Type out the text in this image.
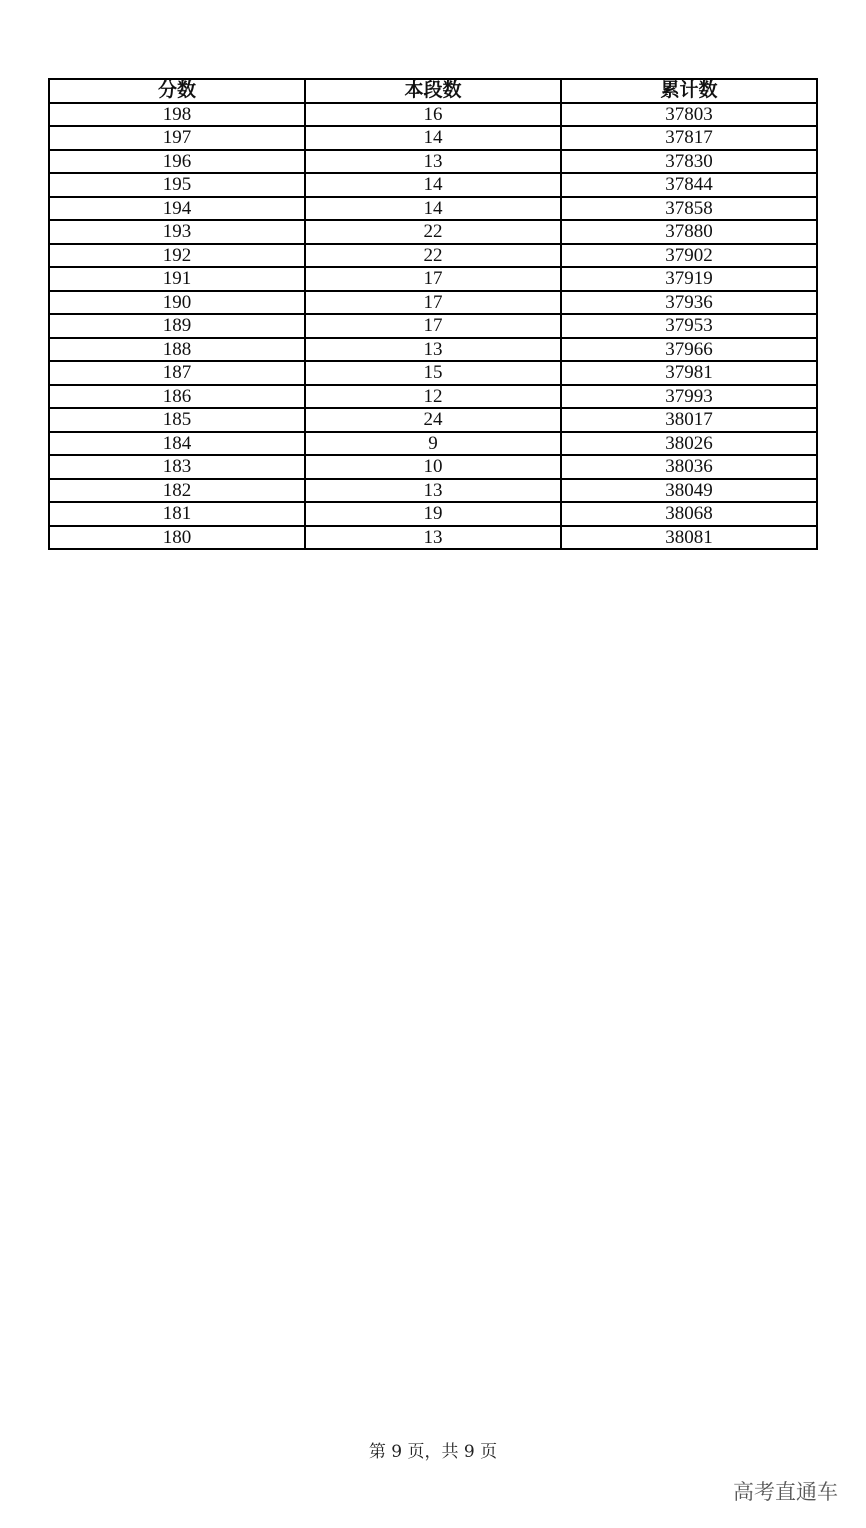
分数	本段数	累计数
198	16	37803
197	14	37817
196	13	37830
195	14	37844
194	14	37858
193	22	37880
192	22	37902
191	17	37919
190	17	37936
189	17	37953
188	13	37966
187	15	37981
186	12	37993
185	24	38017
184	9	38026
183	10	38036
182	13	38049
181	19	38068
180	13	38081
第 9 页，共 9 页
高考直通车
